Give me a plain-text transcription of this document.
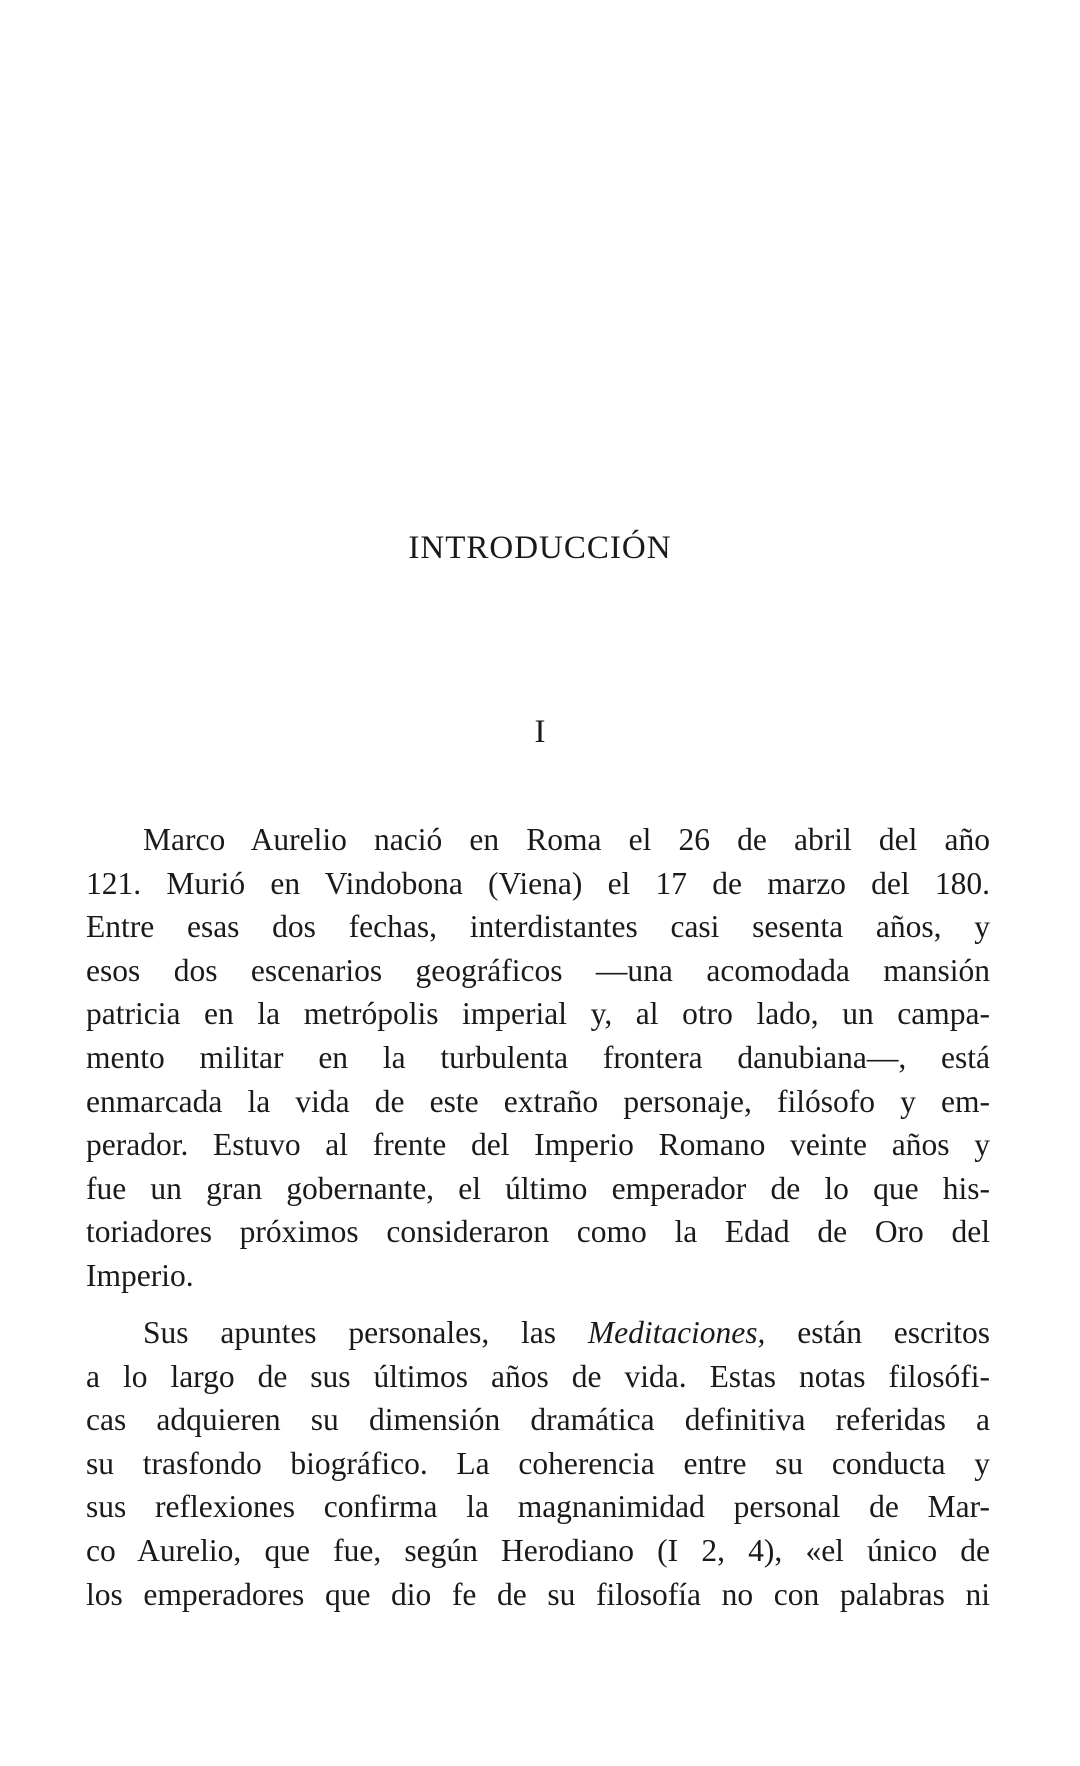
INTRODUCCIÓN
I
Marco Aurelio nació en Roma el 26 de abril del año
121. Murió en Vindobona (Viena) el 17 de marzo del 180.
Entre esas dos fechas, interdistantes casi sesenta años, y
esos dos escenarios geográficos —una acomodada mansión
patricia en la metrópolis imperial y, al otro lado, un campa-
mento militar en la turbulenta frontera danubiana—, está
enmarcada la vida de este extraño personaje, filósofo y em-
perador. Estuvo al frente del Imperio Romano veinte años y
fue un gran gobernante, el último emperador de lo que his-
toriadores próximos consideraron como la Edad de Oro del
Imperio.
Sus apuntes personales, las Meditaciones, están escritos
a lo largo de sus últimos años de vida. Estas notas filosófi-
cas adquieren su dimensión dramática definitiva referidas a
su trasfondo biográfico. La coherencia entre su conducta y
sus reflexiones confirma la magnanimidad personal de Mar-
co Aurelio, que fue, según Herodiano (I 2, 4), «el único de
los emperadores que dio fe de su filosofía no con palabras ni
